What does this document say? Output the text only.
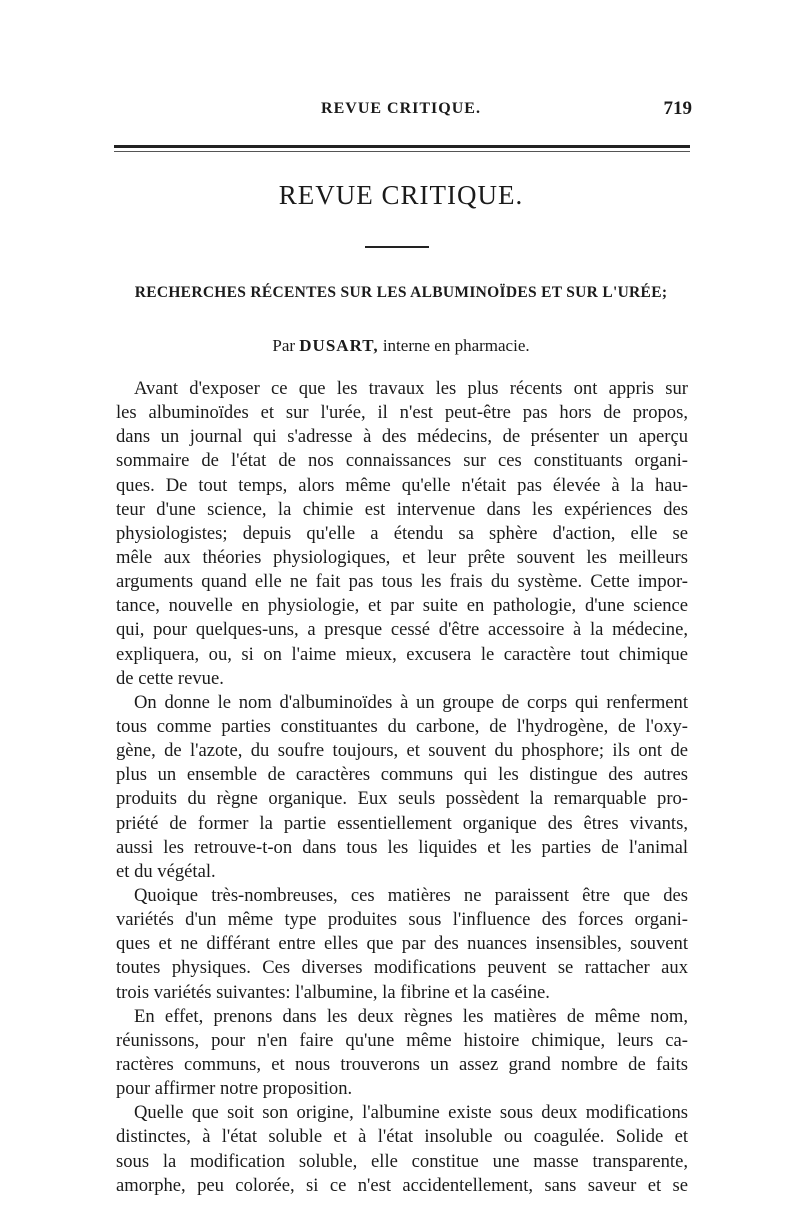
REVUE CRITIQUE.	719
REVUE CRITIQUE.
RECHERCHES RÉCENTES SUR LES ALBUMINOÏDES ET SUR L'URÉE;
Par DUSART, interne en pharmacie.
Avant d'exposer ce que les travaux les plus récents ont appris sur
les albuminoïdes et sur l'urée, il n'est peut-être pas hors de propos,
dans un journal qui s'adresse à des médecins, de présenter un aperçu
sommaire de l'état de nos connaissances sur ces constituants organi-
ques. De tout temps, alors même qu'elle n'était pas élevée à la hau-
teur d'une science, la chimie est intervenue dans les expériences des
physiologistes; depuis qu'elle a étendu sa sphère d'action, elle se
mêle aux théories physiologiques, et leur prête souvent les meilleurs
arguments quand elle ne fait pas tous les frais du système. Cette impor-
tance, nouvelle en physiologie, et par suite en pathologie, d'une science
qui, pour quelques-uns, a presque cessé d'être accessoire à la médecine,
expliquera, ou, si on l'aime mieux, excusera le caractère tout chimique
de cette revue.
On donne le nom d'albuminoïdes à un groupe de corps qui renferment
tous comme parties constituantes du carbone, de l'hydrogène, de l'oxy-
gène, de l'azote, du soufre toujours, et souvent du phosphore; ils ont de
plus un ensemble de caractères communs qui les distingue des autres
produits du règne organique. Eux seuls possèdent la remarquable pro-
priété de former la partie essentiellement organique des êtres vivants,
aussi les retrouve-t-on dans tous les liquides et les parties de l'animal
et du végétal.
Quoique très-nombreuses, ces matières ne paraissent être que des
variétés d'un même type produites sous l'influence des forces organi-
ques et ne différant entre elles que par des nuances insensibles, souvent
toutes physiques. Ces diverses modifications peuvent se rattacher aux
trois variétés suivantes: l'albumine, la fibrine et la caséine.
En effet, prenons dans les deux règnes les matières de même nom,
réunissons, pour n'en faire qu'une même histoire chimique, leurs ca-
ractères communs, et nous trouverons un assez grand nombre de faits
pour affirmer notre proposition.
Quelle que soit son origine, l'albumine existe sous deux modifications
distinctes, à l'état soluble et à l'état insoluble ou coagulée. Solide et
sous la modification soluble, elle constitue une masse transparente,
amorphe, peu colorée, si ce n'est accidentellement, sans saveur et se
